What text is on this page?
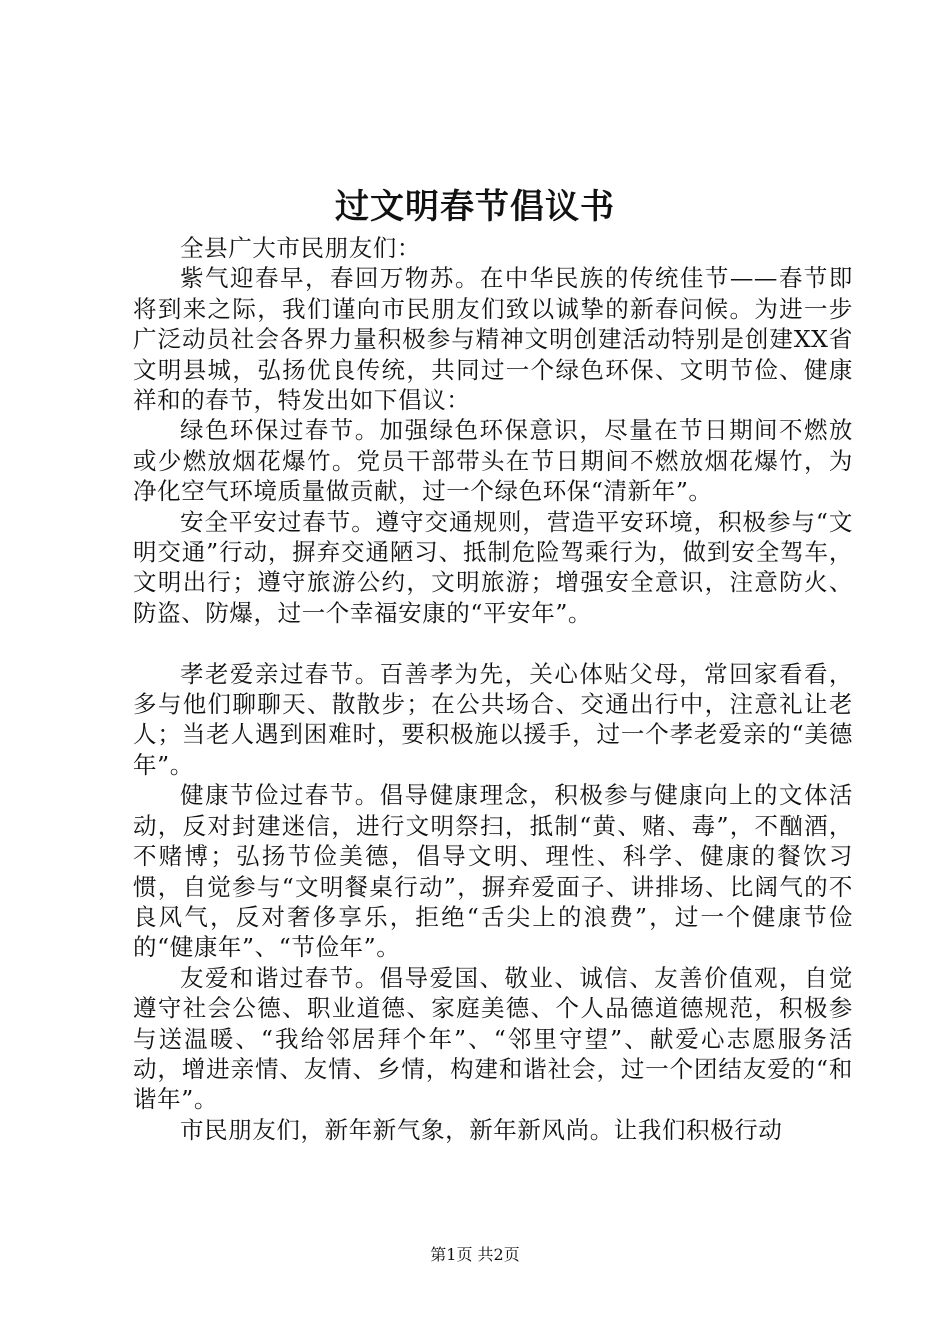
过文明春节倡议书

全县广大市民朋友们：

紫气迎春早，春回万物苏。在中华民族的传统佳节——春节即将到来之际，我们谨向市民朋友们致以诚挚的新春问候。为进一步广泛动员社会各界力量积极参与精神文明创建活动特别是创建XX省文明县城，弘扬优良传统，共同过一个绿色环保、文明节俭、健康祥和的春节，特发出如下倡议：

绿色环保过春节。加强绿色环保意识，尽量在节日期间不燃放或少燃放烟花爆竹。党员干部带头在节日期间不燃放烟花爆竹，为净化空气环境质量做贡献，过一个绿色环保“清新年”。

安全平安过春节。遵守交通规则，营造平安环境，积极参与“文明交通”行动，摒弃交通陋习、抵制危险驾乘行为，做到安全驾车，文明出行；遵守旅游公约，文明旅游；增强安全意识，注意防火、防盗、防爆，过一个幸福安康的“平安年”。

孝老爱亲过春节。百善孝为先，关心体贴父母，常回家看看，多与他们聊聊天、散散步；在公共场合、交通出行中，注意礼让老人；当老人遇到困难时，要积极施以援手，过一个孝老爱亲的“美德年”。

健康节俭过春节。倡导健康理念，积极参与健康向上的文体活动，反对封建迷信，进行文明祭扫，抵制“黄、赌、毒”，不酗酒，不赌博；弘扬节俭美德，倡导文明、理性、科学、健康的餐饮习惯，自觉参与“文明餐桌行动”，摒弃爱面子、讲排场、比阔气的不良风气，反对奢侈享乐，拒绝“舌尖上的浪费”，过一个健康节俭的“健康年”、“节俭年”。

友爱和谐过春节。倡导爱国、敬业、诚信、友善价值观，自觉遵守社会公德、职业道德、家庭美德、个人品德道德规范，积极参与送温暖、“我给邻居拜个年”、“邻里守望”、献爱心志愿服务活动，增进亲情、友情、乡情，构建和谐社会，过一个团结友爱的“和谐年”。

市民朋友们，新年新气象，新年新风尚。让我们积极行动

第1页 共2页
